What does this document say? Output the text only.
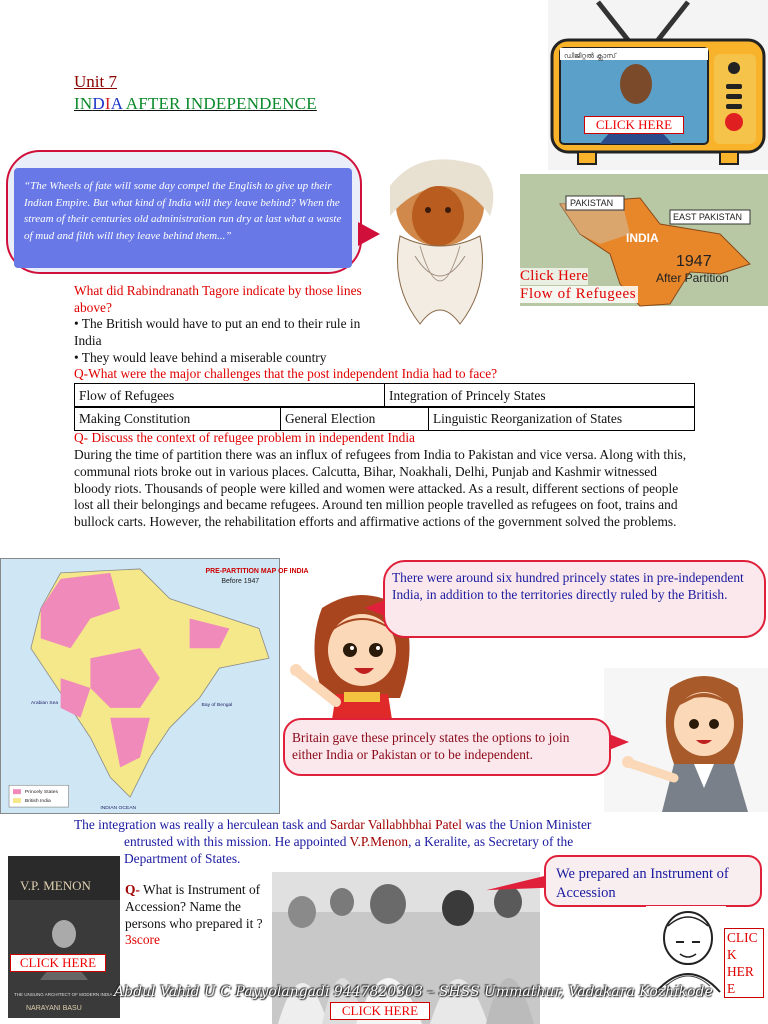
Unit 7
INDIA AFTER INDEPENDENCE
“The Wheels of fate will some day compel the English to give up their Indian Empire. But what kind of India will they leave behind? When the stream of their centuries old administration run dry at last what a waste of mud and filth will they leave behind them...”
ഡിജിറ്റൽ ക്ലാസ്
CLICK HERE
PAKISTAN
EAST PAKISTAN
INDIA
1947
After Partition
Click Here
Flow of Refugees
What did Rabindranath Tagore indicate by those lines above?
• The British would have to put an end to their rule in India
• They would leave behind a miserable country
Q-What were the major challenges that the post independent India had to face?
Flow of Refugees	Integration of Princely States
Making Constitution	General Election	Linguistic Reorganization of States
Q- Discuss the context of refugee problem in independent India
During the time of partition there was an influx of refugees from India to Pakistan and vice versa. Along with this, communal riots broke out in various places. Calcutta, Bihar, Noakhali, Delhi, Punjab and Kashmir witnessed bloody riots. Thousands of people were killed and women were attacked. As a result, different sections of people lost all their belongings and became refugees. Around ten million people travelled as refugees on foot, trains and bullock carts. However, the rehabilitation efforts and affirmative actions of the government solved the problems.
PRE-PARTITION MAP OF INDIA
Before 1947
Arabian Sea	Bay of Bengal
INDIAN OCEAN
Princely States
British India
There were around six hundred princely states in pre-independent India, in addition to the territories directly ruled by the British.
Britain gave these princely states the options to join either India or Pakistan or to be independent.
The integration was really a herculean task and Sardar Vallabhbhai Patel was the Union Minister
entrusted with this mission. He appointed V.P.Menon, a Keralite, as Secretary of the
Department of States.
V.P. MENON
THE UNSUNG ARCHITECT OF MODERN INDIA
NARAYANI BASU
CLICK HERE
Q- What is Instrument of Accession? Name the persons who prepared it ? 3score
CLICK HERE
We prepared an Instrument of Accession
CLIC
K
HER
E
Abdul Vahid U C Payyolangadi 9447820303 – SHSS Ummathur, Vadakara Kozhikode
